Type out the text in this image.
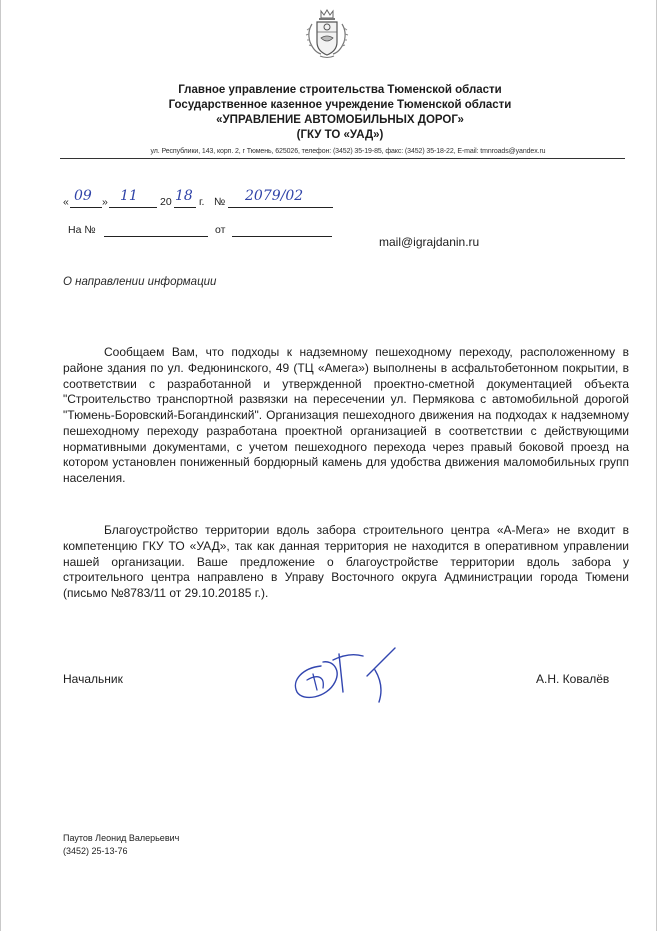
Главное управление строительства Тюменской области
Государственное казенное учреждение Тюменской области
«УПРАВЛЕНИЕ АВТОМОБИЛЬНЫХ ДОРОГ»
(ГКУ ТО «УАД»)
ул. Республики, 143, корп. 2, г Тюмень, 625026, телефон: (3452) 35-19-85, факс: (3452) 35-18-22, E-mail: tmnroads@yandex.ru
« 09 » 11 20 18 г. № 2079/02
На №	от
mail@igrajdanin.ru
О направлении информации
Сообщаем Вам, что подходы к надземному пешеходному переходу, расположенному в районе здания по ул. Федюнинского, 49 (ТЦ «Амега») выполнены в асфальтобетонном покрытии, в соответствии с разработанной и утвержденной проектно-сметной документацией объекта "Строительство транспортной развязки на пересечении ул. Пермякова с автомобильной дорогой "Тюмень-Боровский-Богандинский". Организация пешеходного движения на подходах к надземному пешеходному переходу разработана проектной организацией в соответствии с действующими нормативными документами, с учетом пешеходного перехода через правый боковой проезд на котором установлен пониженный бордюрный камень для удобства движения маломобильных групп населения.
Благоустройство территории вдоль забора строительного центра «А-Мега» не входит в компетенцию ГКУ ТО «УАД», так как данная территория не находится в оперативном управлении нашей организации. Ваше предложение о благоустройстве территории вдоль забора у строительного центра направлено в Управу Восточного округа Администрации города Тюмени (письмо №8783/11 от 29.10.20185 г.).
Начальник	А.Н. Ковалёв
Паутов Леонид Валерьевич
(3452) 25-13-76
